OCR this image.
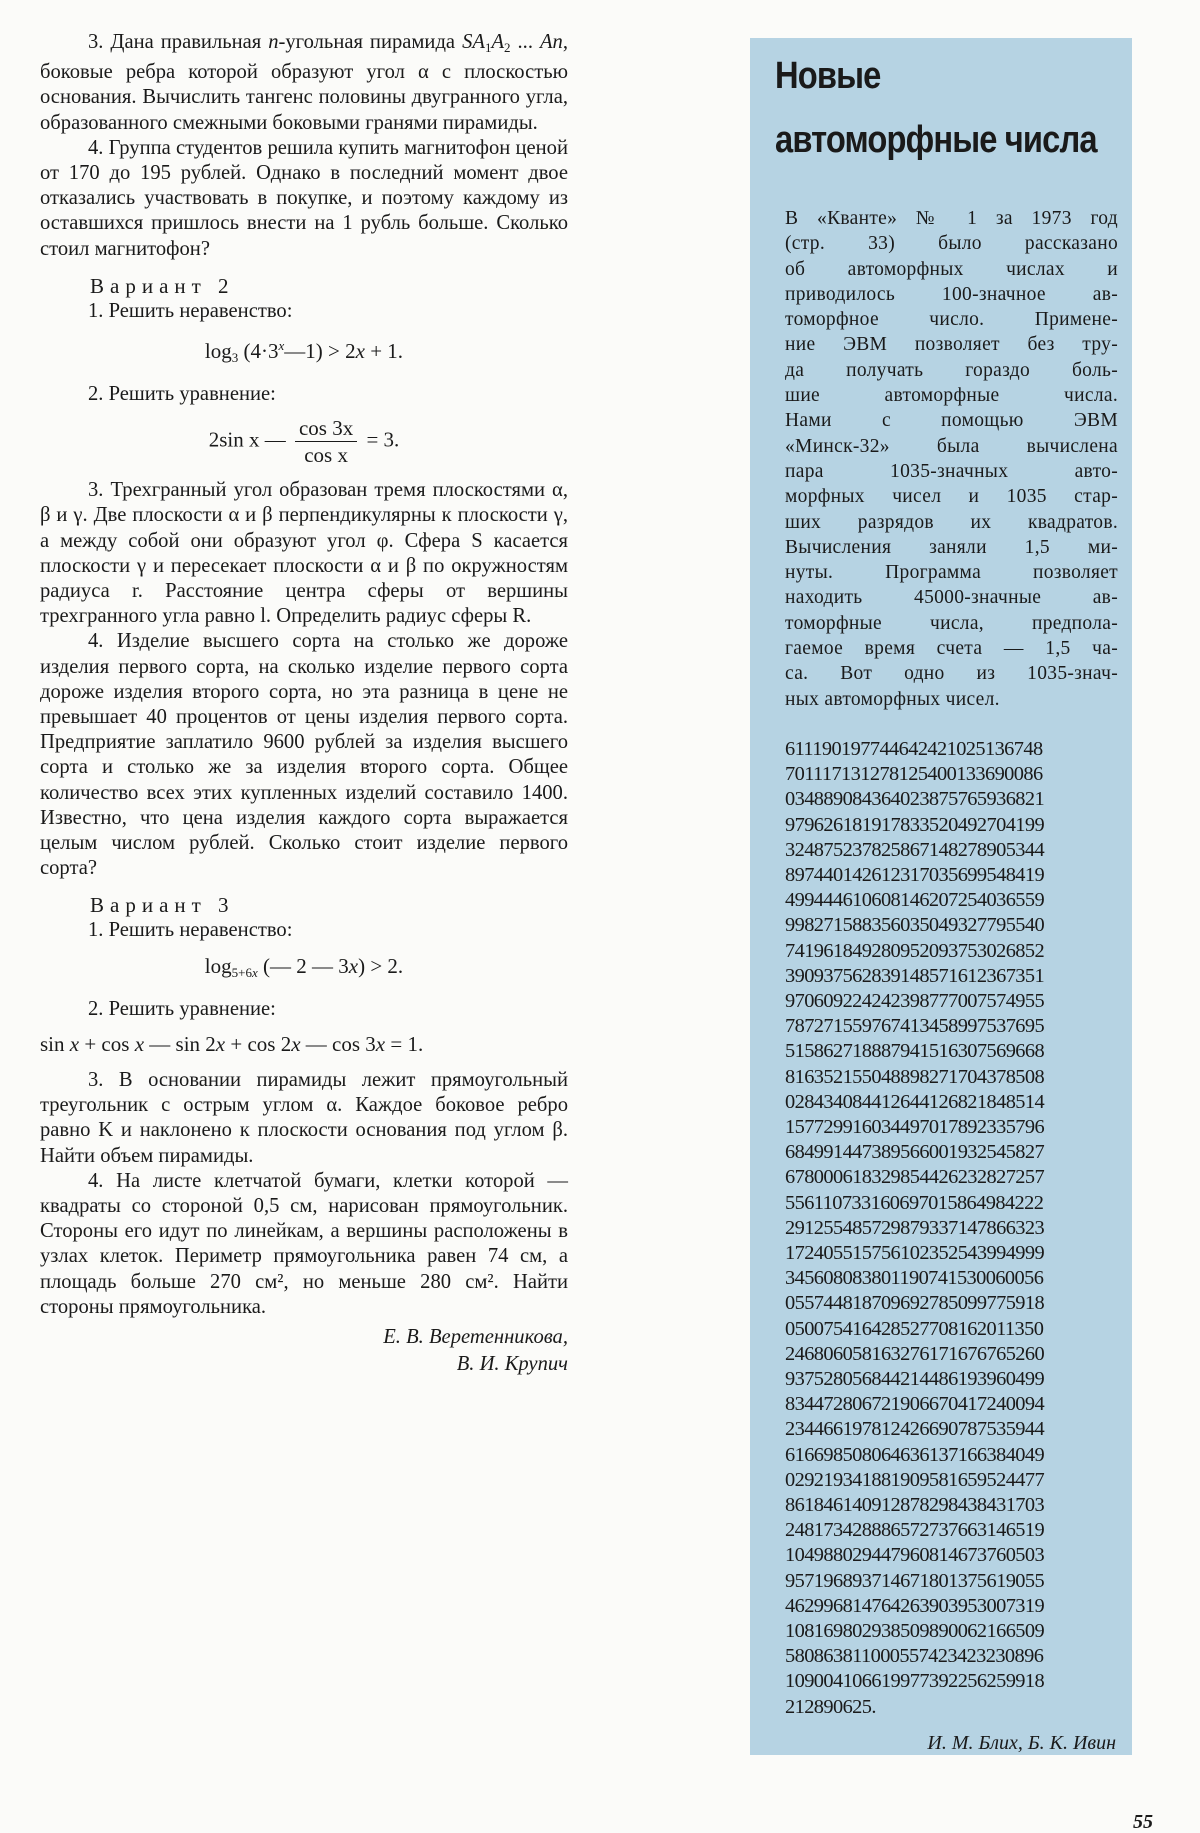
3. Дана правильная n-угольная пирамида $SA_1A_2$ ... An, боковые ребра которой образуют угол α с плоскостью основания. Вычислить тангенс половины двугранного угла, образованного смежными боковыми гранями пирамиды.

4. Группа студентов решила купить магнитофон ценой от 170 до 195 рублей. Однако в последний момент двое отказались участвовать в покупке, и поэтому каждому из оставшихся пришлось внести на 1 рубль больше. Сколько стоил магнитофон?

Вариант 2

1. Решить неравенство:

$\log_3$ $(4\cdot 3^x—1) > 2x + 1$.

2. Решить уравнение:

2sin x — $\frac{\cos 3x}{\text{cos x}} = 3$.

3. Трехгранный угол образован тремя плоскостями α, β и γ. Две плоскости α и β перпендикулярны к плоскости γ, а между собой они образуют угол φ. Сфера S касается плоскости γ и пересекает плоскости α и β по окружностям радиуса r. Расстояние центра сферы от вершины трехгранного угла равно l. Определить радиус сферы R.

4. Изделие высшего сорта на столько же дороже изделия первого сорта, на сколько изделие первого сорта дороже изделия второго сорта, но эта разница в цене не превышает 40 процентов от цены изделия первого сорта. Предприятие заплатило 9600 рублей за изделия высшего сорта и столько же за изделия второго сорта. Общее количество всех этих купленных изделий составило 1400. Известно, что цена изделия каждого сорта выражается целым числом рублей. Сколько стоит изделие первого сорта?

Вариант 3

1. Решить неравенство:

$\log_{5+6x}$ (— 2 — 3x) > 2.

2. Решить уравнение:

sin x + cos x — sin 2x + cos 2x — cos 3x = 1.

3. В основании пирамиды лежит прямоугольный треугольник с острым углом α. Каждое боковое ребро равно K и наклонено к плоскости основания под углом β. Найти объем пирамиды.

4. На листе клетчатой бумаги, клетки которой — квадраты со стороной 0,5 см, нарисован прямоугольник. Стороны его идут по линейкам, а вершины расположены в узлах клеток. Периметр прямоугольника равен 74 см, а площадь больше 270 см², но меньше 280 см². Найти стороны прямоугольника.

Е. В. Веретенникова,
В. И. Крупич
Новые
автоморфные числа
В «Кванте» № 1 за 1973 год
(стр. 33) было рассказано
об автоморфных числах и
приводилось 100-значное ав-
томорфное число. Примене-
ние ЭВМ позволяет без тру-
да получать гораздо боль-
шие автоморфные числа.
Нами с помощью ЭВМ
«Минск-32» была вычислена
пара 1035-значных авто-
морфных чисел и 1035 стар-
ших разрядов их квадратов.
Вычисления заняли 1,5 ми-
нуты. Программа позволяет
находить 45000-значные ав-
томорфные числа, предпола-
гаемое время счета — 1,5 ча-
са. Вот одно из 1035-знач-
ных автоморфных чисел.
611190197744642421025136748
701117131278125400133690086
034889084364023875765936821
979626181917833520492704199
324875237825867148278905344
897440142612317035699548419
499444610608146207254036559
998271588356035049327795540
741961849280952093753026852
390937562839148571612367351
970609224242398777007574955
787271559767413458997537695
515862718887941516307569668
816352155048898271704378508
028434084412644126821848514
157729916034497017892335796
684991447389566001932545827
678000618329854426232827257
556110733160697015864984222
291255485729879337147866323
172405515756102352543994999
345608083801190741530060056
055744818709692785099775918
050075416428527708162011350
246806058163276171676765260
937528056844214486193960499
834472806721906670417240094
234466197812426690787535944
616698508064636137166384049
029219341881909581659524477
861846140912878298438431703
248173428886572737663146519
104988029447960814673760503
957196893714671801375619055
462996814764263903953007319
108169802938509890062166509
580863811000557423423230896
109004106619977392256259918
212890625.
И. М. Блих, Б. К. Ивин
55
